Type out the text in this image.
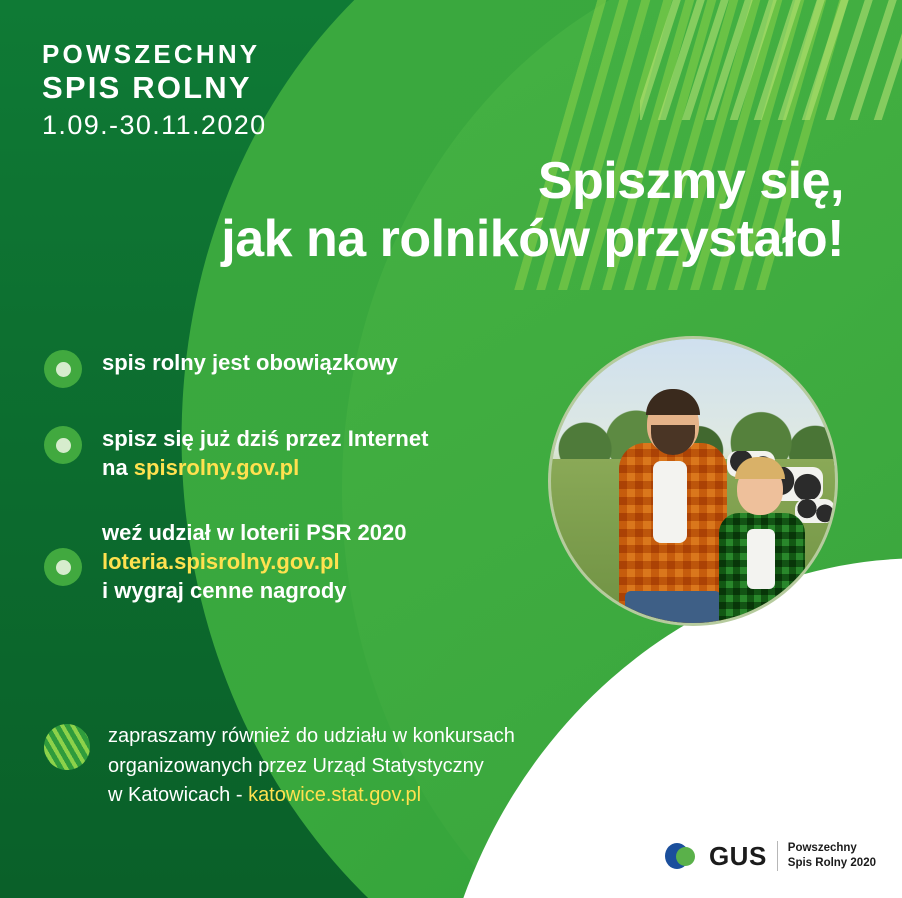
POWSZECHNY
SPIS ROLNY
1.09.-30.11.2020
Spiszmy się,
jak na rolników przystało!
spis rolny jest obowiązkowy
spisz się już dziś przez Internet
na spisrolny.gov.pl
weź udział w loterii PSR 2020
loteria.spisrolny.gov.pl
i wygraj cenne nagrody
zapraszamy również do udziału w konkursach
organizowanych przez Urząd Statystyczny
w Katowicach - katowice.stat.gov.pl
GUS Powszechny
Spis Rolny 2020
